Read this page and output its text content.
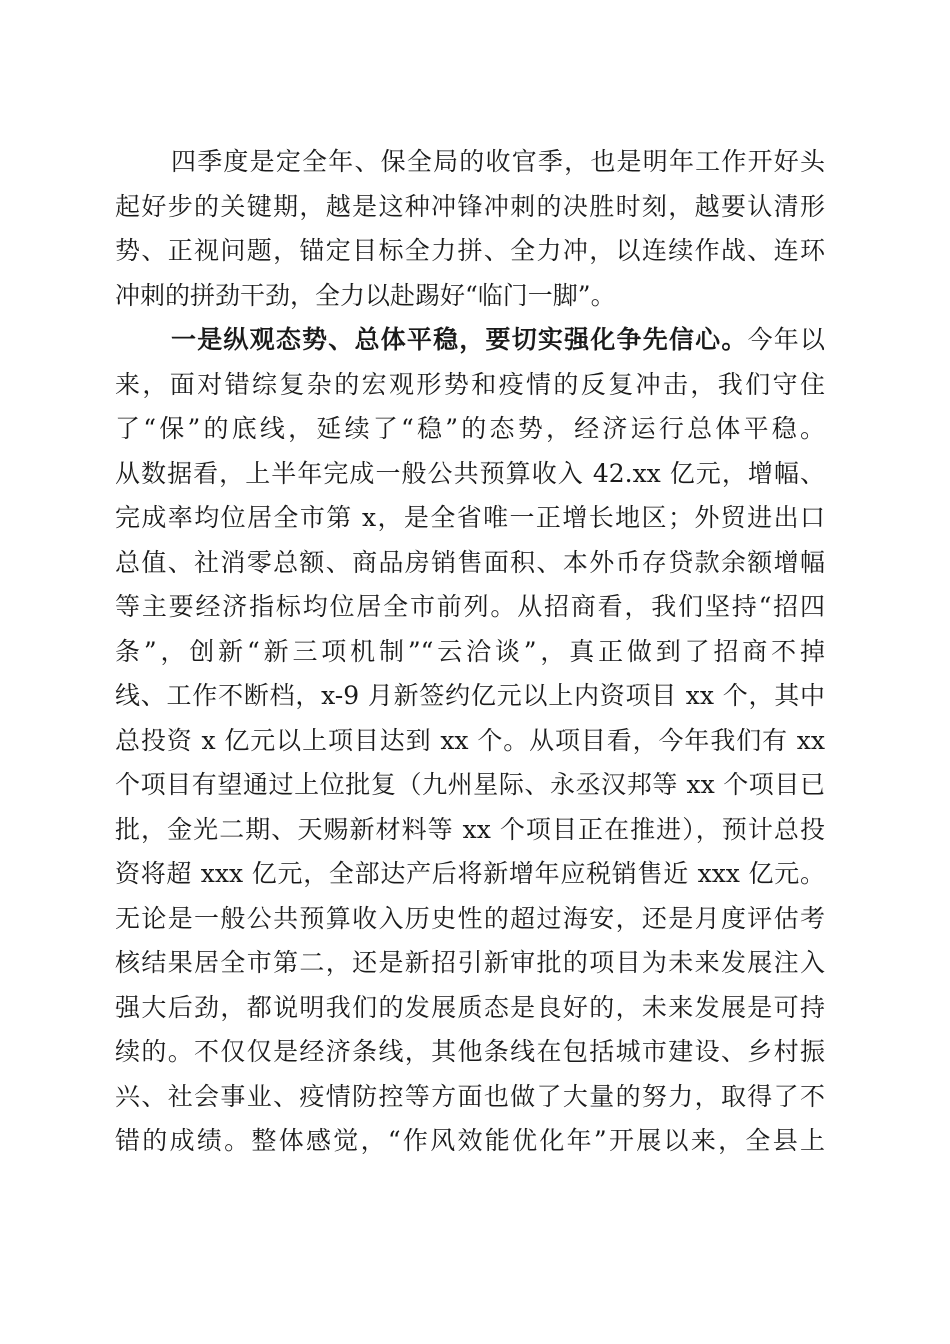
四季度是定全年、保全局的收官季，也是明年工作开好头
起好步的关键期，越是这种冲锋冲刺的决胜时刻，越要认清形
势、正视问题，锚定目标全力拼、全力冲，以连续作战、连环
冲刺的拼劲干劲，全力以赴踢好“临门一脚”。
一是纵观态势、总体平稳，要切实强化争先信心。今年以
来，面对错综复杂的宏观形势和疫情的反复冲击，我们守住
了“保”的底线，延续了“稳”的态势，经济运行总体平稳。
从数据看，上半年完成一般公共预算收入 42.xx 亿元，增幅、
完成率均位居全市第 x，是全省唯一正增长地区；外贸进出口
总值、社消零总额、商品房销售面积、本外币存贷款余额增幅
等主要经济指标均位居全市前列。从招商看，我们坚持“招四
条”，创新“新三项机制”“云洽谈”，真正做到了招商不掉
线、工作不断档，x-9 月新签约亿元以上内资项目 xx 个，其中
总投资 x 亿元以上项目达到 xx 个。从项目看，今年我们有 xx
个项目有望通过上位批复（九州星际、永丞汉邦等 xx 个项目已
批，金光二期、天赐新材料等 xx 个项目正在推进），预计总投
资将超 xxx 亿元，全部达产后将新增年应税销售近 xxx 亿元。
无论是一般公共预算收入历史性的超过海安，还是月度评估考
核结果居全市第二，还是新招引新审批的项目为未来发展注入
强大后劲，都说明我们的发展质态是良好的，未来发展是可持
续的。不仅仅是经济条线，其他条线在包括城市建设、乡村振
兴、社会事业、疫情防控等方面也做了大量的努力，取得了不
错的成绩。整体感觉，“作风效能优化年”开展以来，全县上
